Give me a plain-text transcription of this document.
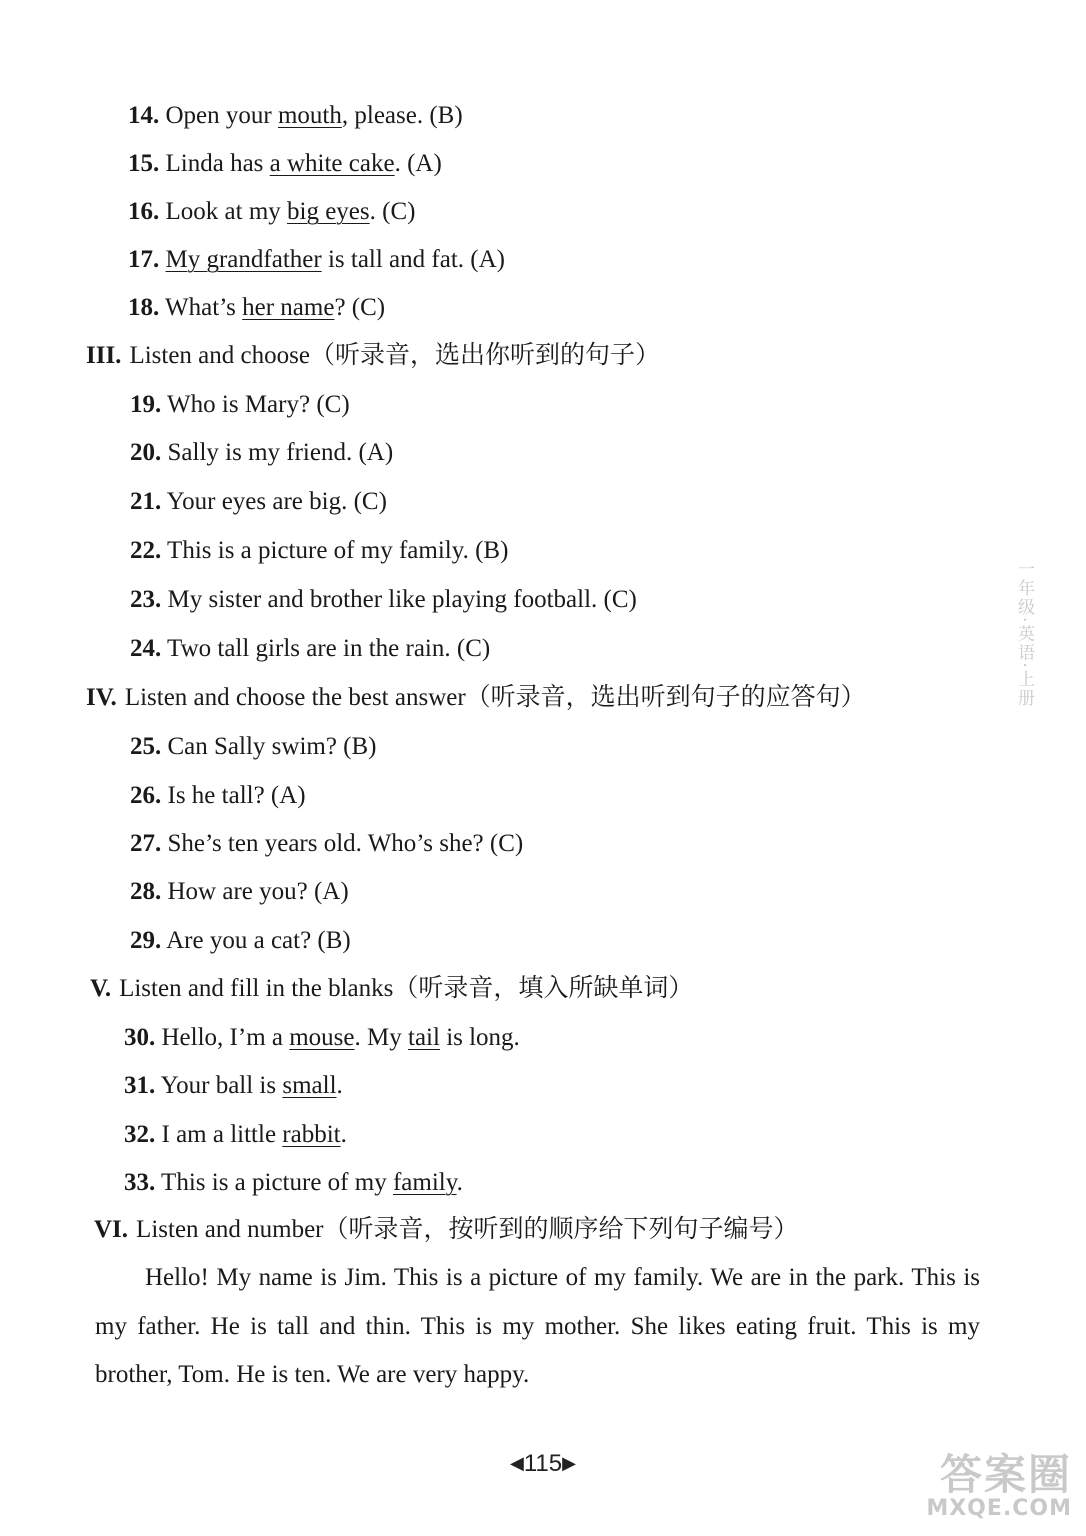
14. Open your mouth, please. (B)
15. Linda has a white cake. (A)
16. Look at my big eyes. (C)
17. My grandfather is tall and fat. (A)
18. What’s her name? (C)
III. Listen and choose（听录音，选出你听到的句子）
19. Who is Mary? (C)
20. Sally is my friend. (A)
21. Your eyes are big. (C)
22. This is a picture of my family. (B)
23. My sister and brother like playing football. (C)
24. Two tall girls are in the rain. (C)
IV. Listen and choose the best answer（听录音，选出听到句子的应答句）
25. Can Sally swim? (B)
26. Is he tall? (A)
27. She’s ten years old. Who’s she? (C)
28. How are you? (A)
29. Are you a cat? (B)
V. Listen and fill in the blanks（听录音，填入所缺单词）
30. Hello, I’m a mouse. My tail is long.
31. Your ball is small.
32. I am a little rabbit.
33. This is a picture of my family.
VI. Listen and number（听录音，按听到的顺序给下列句子编号）
Hello! My name is Jim. This is a picture of my family. We are in the park. This is my father. He is tall and thin. This is my mother. She likes eating fruit. This is my brother, Tom. He is ten. We are very happy.
◀115▶
一年级·英语·上册
答案圈
MXQE.COM
